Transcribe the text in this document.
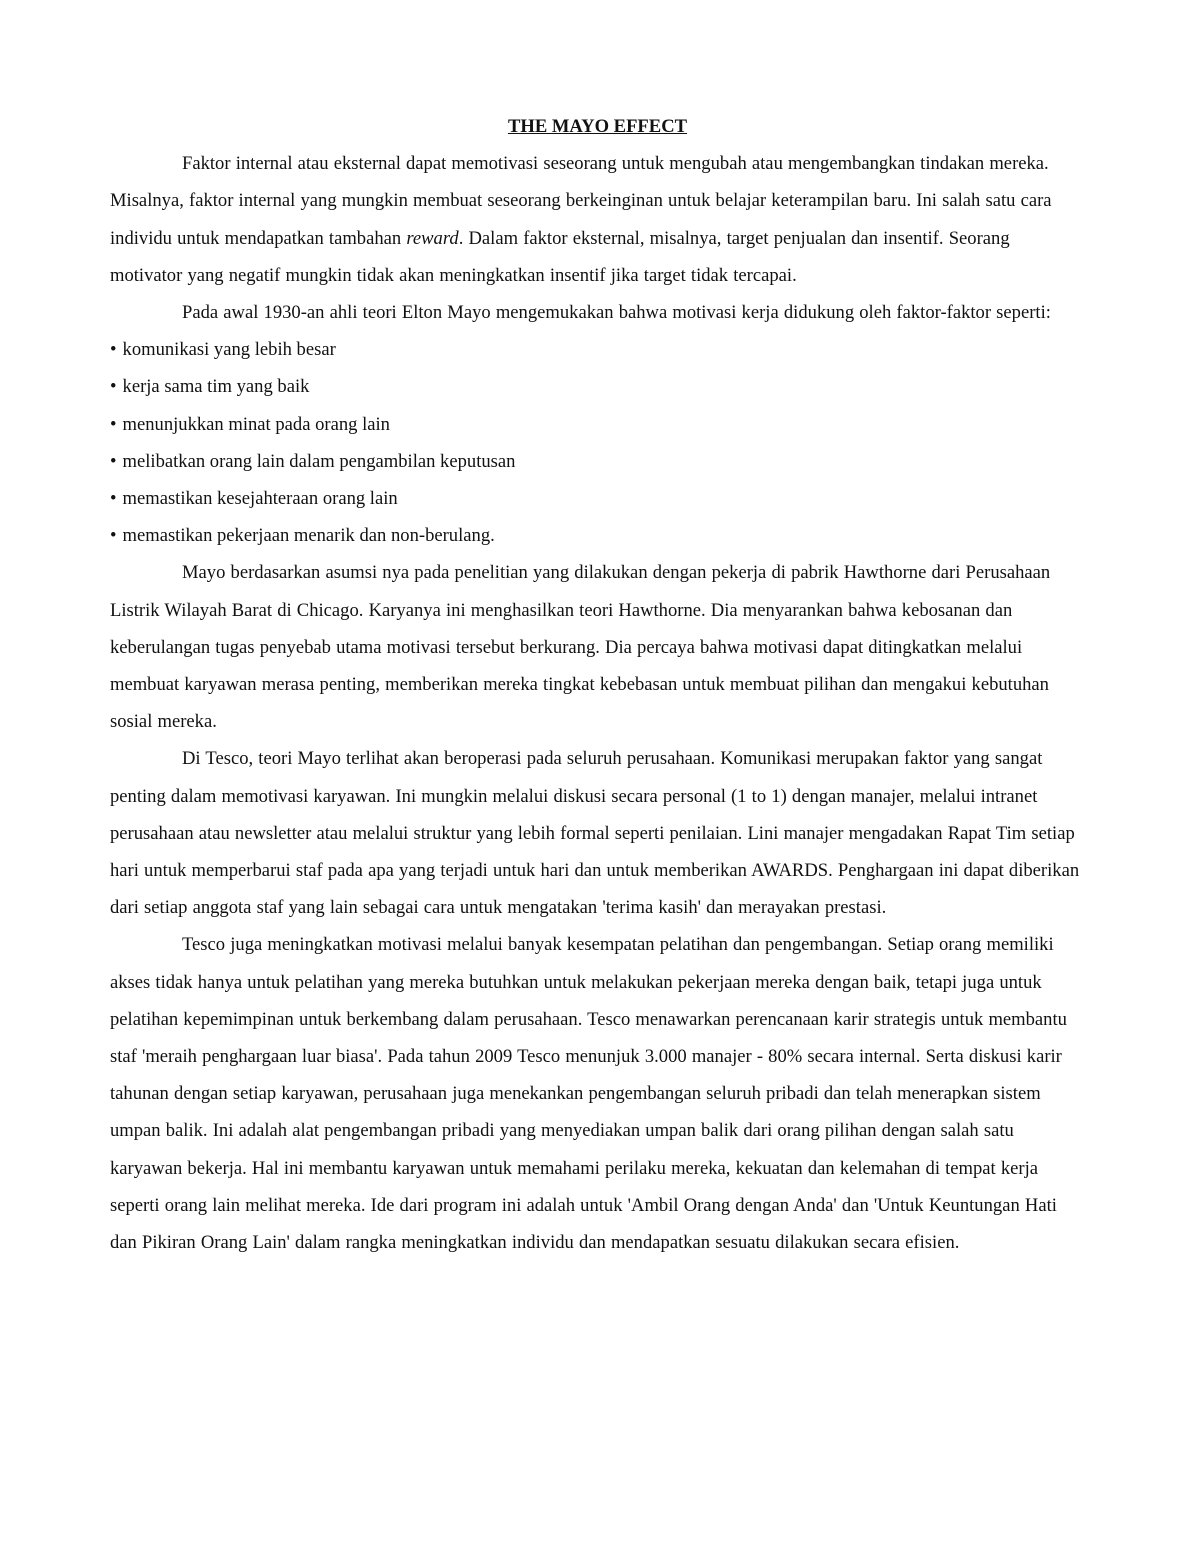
THE MAYO EFFECT

Faktor internal atau eksternal dapat memotivasi seseorang untuk mengubah atau mengembangkan tindakan mereka. Misalnya, faktor internal yang mungkin membuat seseorang berkeinginan untuk belajar keterampilan baru. Ini salah satu cara individu untuk mendapatkan tambahan reward. Dalam faktor eksternal, misalnya, target penjualan dan insentif. Seorang motivator yang negatif mungkin tidak akan meningkatkan insentif jika target tidak tercapai.

Pada awal 1930-an ahli teori Elton Mayo mengemukakan bahwa motivasi kerja didukung oleh faktor-faktor seperti:

• komunikasi yang lebih besar
• kerja sama tim yang baik
• menunjukkan minat pada orang lain
• melibatkan orang lain dalam pengambilan keputusan
• memastikan kesejahteraan orang lain
• memastikan pekerjaan menarik dan non-berulang.

Mayo berdasarkan asumsi nya pada penelitian yang dilakukan dengan pekerja di pabrik Hawthorne dari Perusahaan Listrik Wilayah Barat di Chicago. Karyanya ini menghasilkan teori Hawthorne. Dia menyarankan bahwa kebosanan dan keberulangan tugas penyebab utama motivasi tersebut berkurang. Dia percaya bahwa motivasi dapat ditingkatkan melalui membuat karyawan merasa penting, memberikan mereka tingkat kebebasan untuk membuat pilihan dan mengakui kebutuhan sosial mereka.

Di Tesco, teori Mayo terlihat akan beroperasi pada seluruh perusahaan. Komunikasi merupakan faktor yang sangat penting dalam memotivasi karyawan. Ini mungkin melalui diskusi secara personal (1 to 1) dengan manajer, melalui intranet perusahaan atau newsletter atau melalui struktur yang lebih formal seperti penilaian. Lini manajer mengadakan Rapat Tim setiap hari untuk memperbarui staf pada apa yang terjadi untuk hari dan untuk memberikan AWARDS. Penghargaan ini dapat diberikan dari setiap anggota staf yang lain sebagai cara untuk mengatakan 'terima kasih' dan merayakan prestasi.

Tesco juga meningkatkan motivasi melalui banyak kesempatan pelatihan dan pengembangan. Setiap orang memiliki akses tidak hanya untuk pelatihan yang mereka butuhkan untuk melakukan pekerjaan mereka dengan baik, tetapi juga untuk pelatihan kepemimpinan untuk berkembang dalam perusahaan. Tesco menawarkan perencanaan karir strategis untuk membantu staf 'meraih penghargaan luar biasa'. Pada tahun 2009 Tesco menunjuk 3.000 manajer - 80% secara internal. Serta diskusi karir tahunan dengan setiap karyawan, perusahaan juga menekankan pengembangan seluruh pribadi dan telah menerapkan sistem umpan balik. Ini adalah alat pengembangan pribadi yang menyediakan umpan balik dari orang pilihan dengan salah satu karyawan bekerja. Hal ini membantu karyawan untuk memahami perilaku mereka, kekuatan dan kelemahan di tempat kerja seperti orang lain melihat mereka. Ide dari program ini adalah untuk 'Ambil Orang dengan Anda' dan 'Untuk Keuntungan Hati dan Pikiran Orang Lain' dalam rangka meningkatkan individu dan mendapatkan sesuatu dilakukan secara efisien.
